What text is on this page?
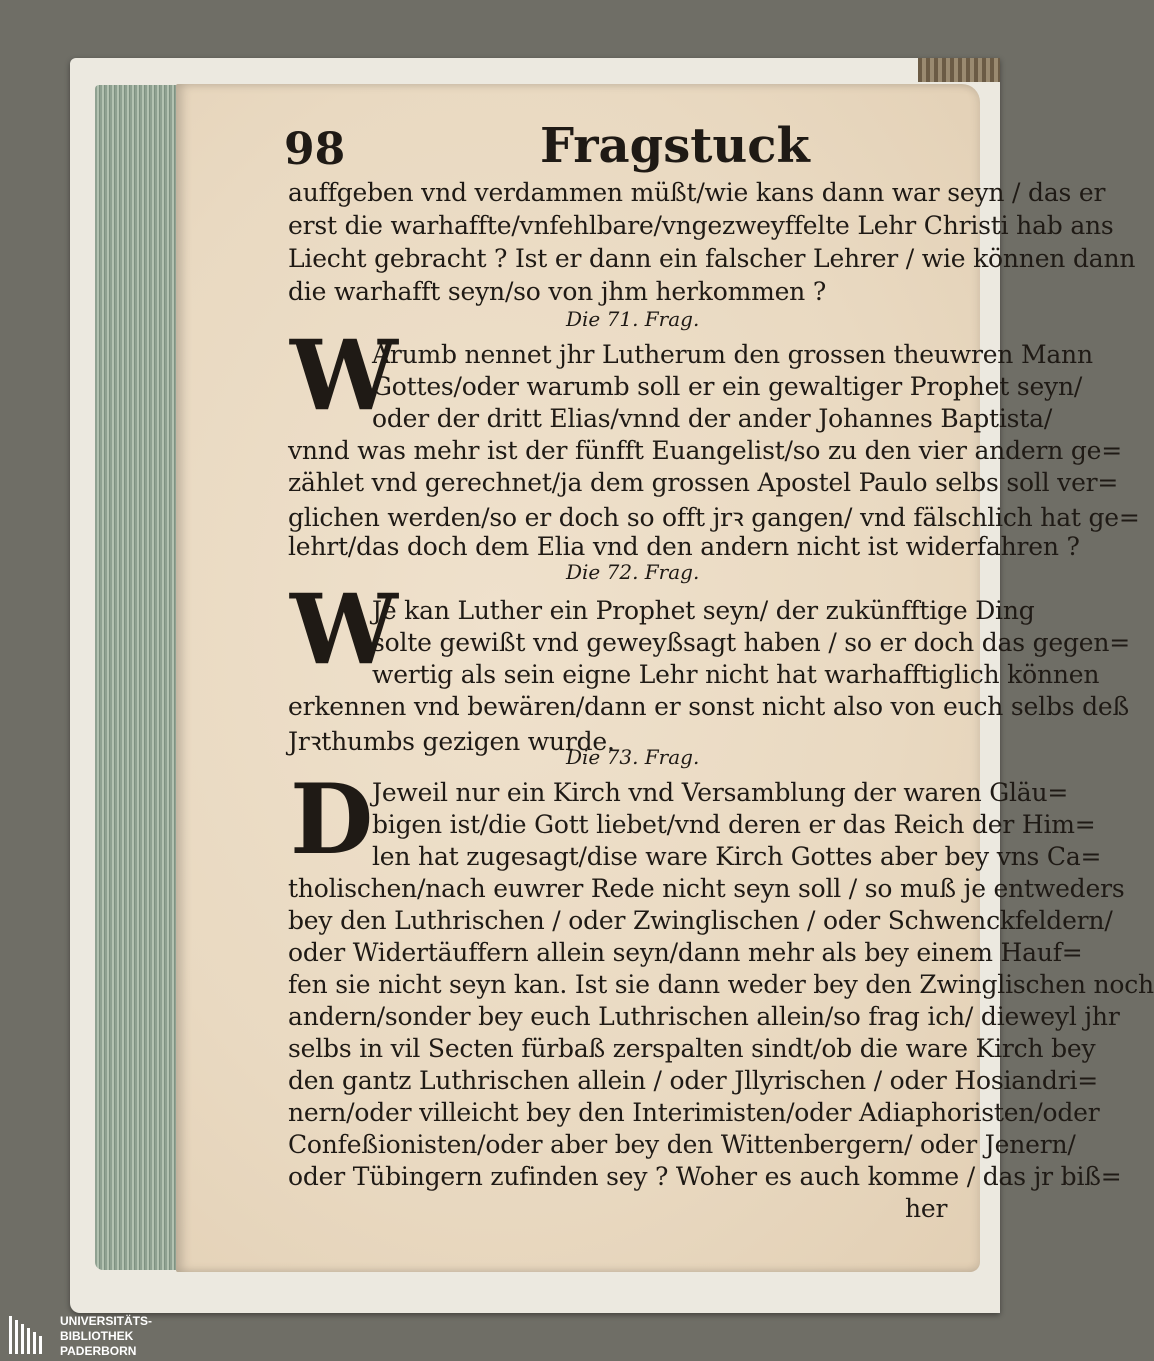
98	Fragstuck
auffgeben vnd verdammen müßt/wie kans dann war seyn / das er
erst die warhaffte/vnfehlbare/vngezweyffelte Lehr Christi hab ans
Liecht gebracht ? Ist er dann ein falscher Lehrer / wie können dann
die warhafft seyn/so von jhm herkommen ?
Die 71. Frag.
W
Arumb nennet jhr Lutherum den grossen theuwren Mann
Gottes/oder warumb soll er ein gewaltiger Prophet seyn/
oder der dritt Elias/vnnd der ander Johannes Baptista/
vnnd was mehr ist der fünfft Euangelist/so zu den vier andern ge=
zählet vnd gerechnet/ja dem grossen Apostel Paulo selbs soll ver=
glichen werden/so er doch so offt jrꝛ gangen/ vnd fälschlich hat ge=
lehrt/das doch dem Elia vnd den andern nicht ist widerfahren ?
Die 72. Frag.
W
Je kan Luther ein Prophet seyn/ der zukünfftige Ding
solte gewißt vnd geweyßsagt haben / so er doch das gegen=
wertig als sein eigne Lehr nicht hat warhafftiglich können
erkennen vnd bewären/dann er sonst nicht also von euch selbs deß
Jrꝛthumbs gezigen wurde.
Die 73. Frag.
D
Jeweil nur ein Kirch vnd Versamblung der waren Gläu=
bigen ist/die Gott liebet/vnd deren er das Reich der Him=
len hat zugesagt/dise ware Kirch Gottes aber bey vns Ca=
tholischen/nach euwrer Rede nicht seyn soll / so muß je entweders
bey den Luthrischen / oder Zwinglischen / oder Schwenckfeldern/
oder Widertäuffern allein seyn/dann mehr als bey einem Hauf=
fen sie nicht seyn kan. Ist sie dann weder bey den Zwinglischen noch
andern/sonder bey euch Luthrischen allein/so frag ich/ dieweyl jhr
selbs in vil Secten fürbaß zerspalten sindt/ob die ware Kirch bey
den gantz Luthrischen allein / oder Jllyrischen / oder Hosiandri=
nern/oder villeicht bey den Interimisten/oder Adiaphoristen/oder
Confeßionisten/oder aber bey den Wittenbergern/ oder Jenern/
oder Tübingern zufinden sey ? Woher es auch komme / das jr biß=
her
UNIVERSITÄTS-
BIBLIOTHEK
PADERBORN
